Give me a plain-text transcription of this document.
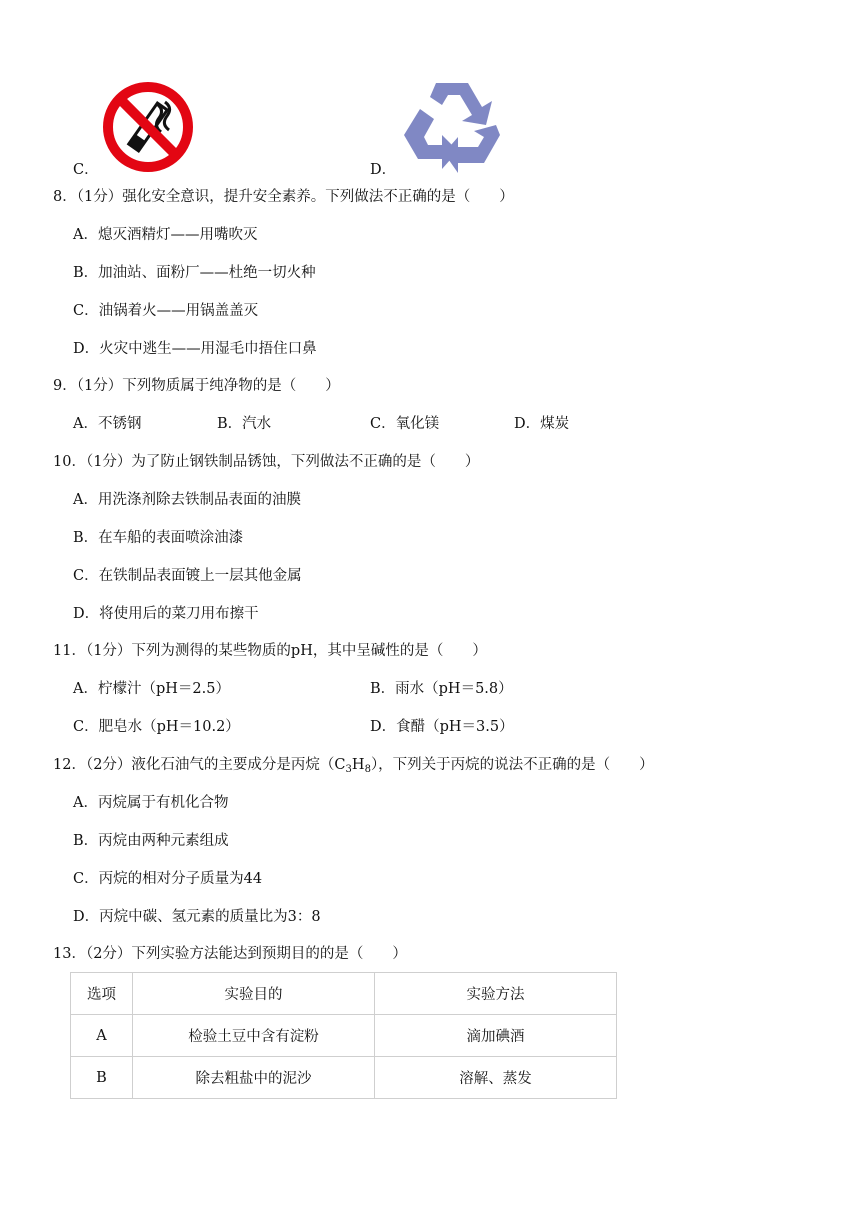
C．	D．
8．（1分）强化安全意识，提升安全素养。下列做法不正确的是（　　）
A．熄灭酒精灯——用嘴吹灭
B．加油站、面粉厂——杜绝一切火种
C．油锅着火——用锅盖盖灭
D．火灾中逃生——用湿毛巾捂住口鼻
9．（1分）下列物质属于纯净物的是（　　）
A．不锈钢	B．汽水	C．氧化镁	D．煤炭
10．（1分）为了防止钢铁制品锈蚀，下列做法不正确的是（　　）
A．用洗涤剂除去铁制品表面的油膜
B．在车船的表面喷涂油漆
C．在铁制品表面镀上一层其他金属
D．将使用后的菜刀用布擦干
11．（1分）下列为测得的某些物质的pH，其中呈碱性的是（　　）
A．柠檬汁（pH＝2.5）	B．雨水（pH＝5.8）
C．肥皂水（pH＝10.2）	D．食醋（pH＝3.5）
12．（2分）液化石油气的主要成分是丙烷$(C_3H_8)$，下列关于丙烷的说法不正确的是（　　）
A．丙烷属于有机化合物
B．丙烷由两种元素组成
C．丙烷的相对分子质量为44
D．丙烷中碳、氢元素的质量比为3：8
13．（2分）下列实验方法能达到预期目的的是（　　）
选项	实验目的	实验方法
A	检验土豆中含有淀粉	滴加碘酒
B	除去粗盐中的泥沙	溶解、蒸发
